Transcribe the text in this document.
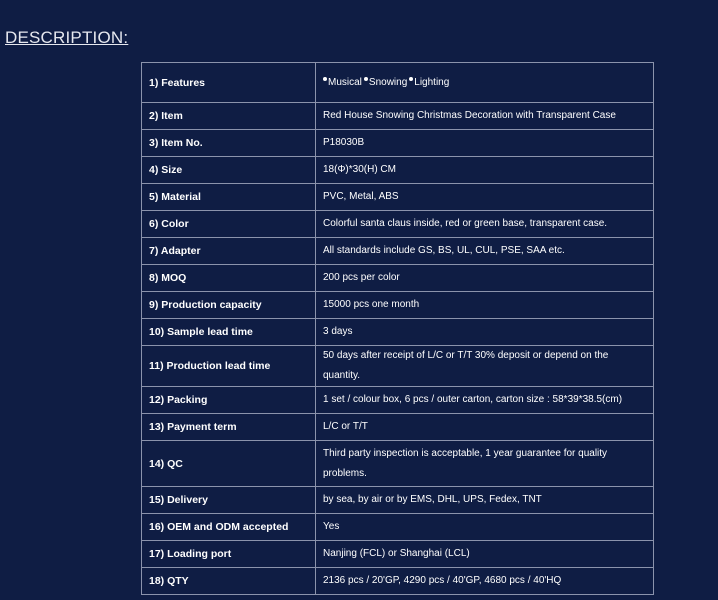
DESCRIPTION:
1) Features	Musical Snowing Lighting
2) Item	Red House Snowing Christmas Decoration with Transparent Case
3) Item No.	P18030B
4) Size	18(Φ)*30(H) CM
5) Material	PVC, Metal, ABS
6) Color	Colorful santa claus inside, red or green base, transparent case.
7) Adapter	All standards include GS, BS, UL, CUL, PSE, SAA etc.
8) MOQ	200 pcs per color
9) Production capacity	15000 pcs one month
10) Sample lead time	3 days
11) Production lead time	50 days after receipt of L/C or T/T 30% deposit or depend on the quantity.
12) Packing	1 set / colour box, 6 pcs / outer carton, carton size : 58*39*38.5(cm)
13) Payment term	L/C or T/T
14) QC	Third party inspection is acceptable, 1 year guarantee for quality problems.
15) Delivery	by sea, by air or by EMS, DHL, UPS, Fedex, TNT
16) OEM and ODM accepted	Yes
17) Loading port	Nanjing (FCL) or Shanghai (LCL)
18) QTY	2136 pcs / 20'GP, 4290 pcs / 40'GP, 4680 pcs / 40'HQ
